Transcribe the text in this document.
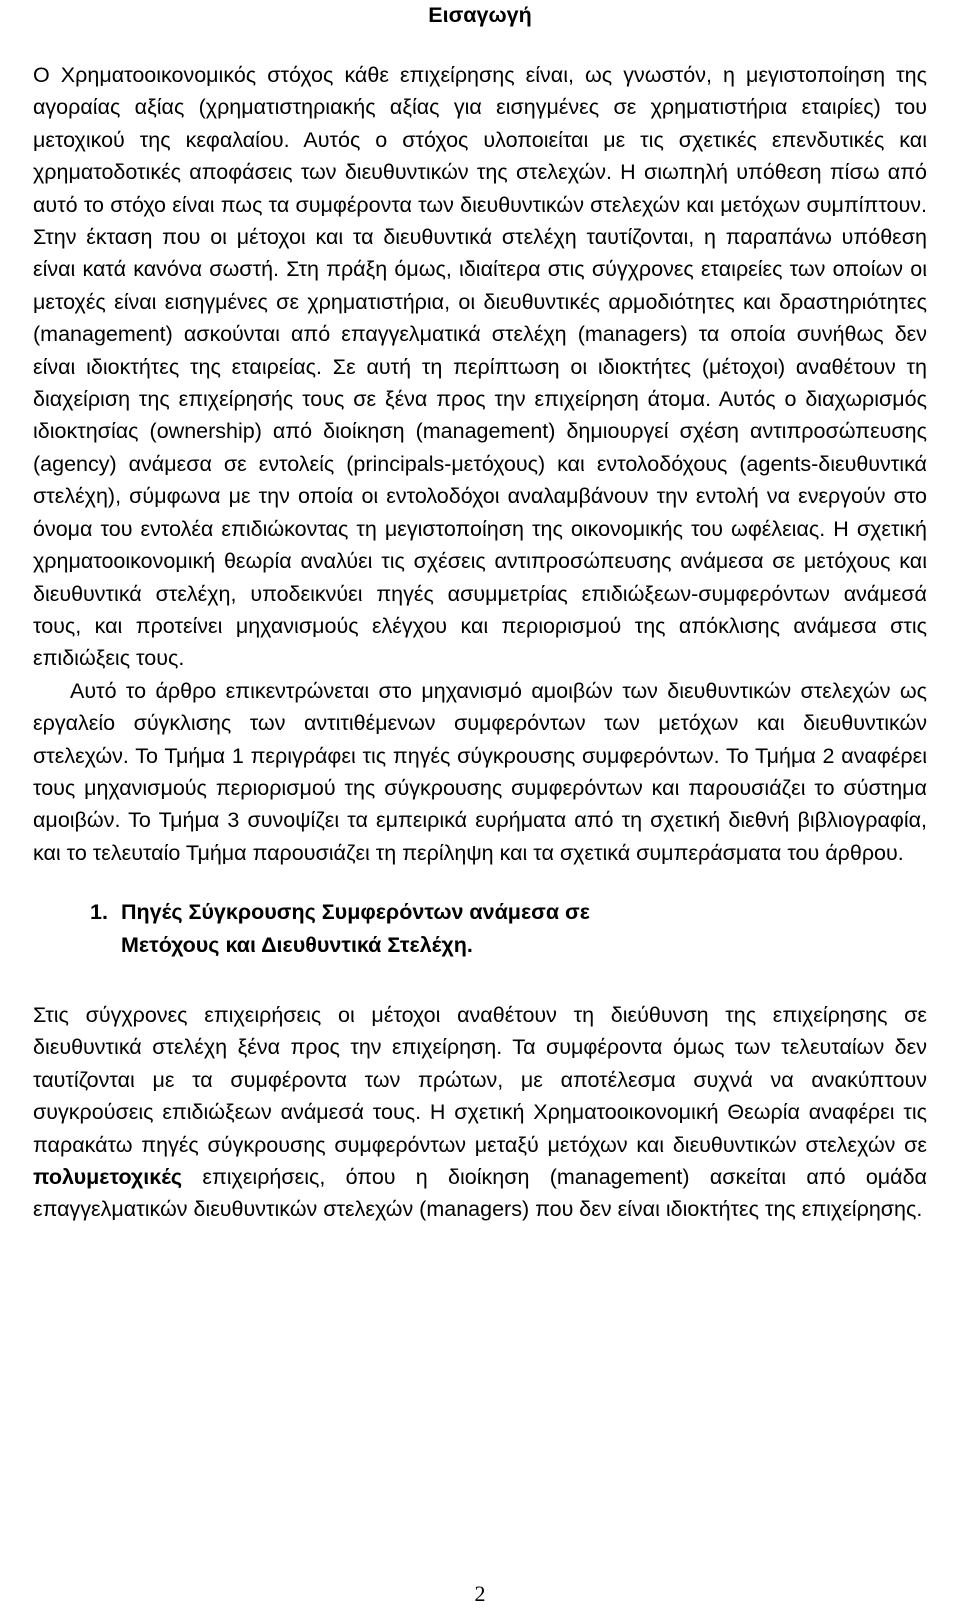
Εισαγωγή

Ο Χρηματοοικονομικός στόχος κάθε επιχείρησης είναι, ως γνωστόν, η μεγιστοποίηση της αγοραίας αξίας (χρηματιστηριακής αξίας για εισηγμένες σε χρηματιστήρια εταιρίες) του μετοχικού της κεφαλαίου. Αυτός ο στόχος υλοποιείται με τις σχετικές επενδυτικές και χρηματοδοτικές αποφάσεις των διευθυντικών της στελεχών. Η σιωπηλή υπόθεση πίσω από αυτό το στόχο είναι πως τα συμφέροντα των διευθυντικών στελεχών και μετόχων συμπίπτουν. Στην έκταση που οι μέτοχοι και τα διευθυντικά στελέχη ταυτίζονται, η παραπάνω υπόθεση είναι κατά κανόνα σωστή. Στη πράξη όμως, ιδιαίτερα στις σύγχρονες εταιρείες των οποίων οι μετοχές είναι εισηγμένες σε χρηματιστήρια, οι διευθυντικές αρμοδιότητες και δραστηριότητες (management) ασκούνται από επαγγελματικά στελέχη (managers) τα οποία συνήθως δεν είναι ιδιοκτήτες της εταιρείας. Σε αυτή τη περίπτωση οι ιδιοκτήτες (μέτοχοι) αναθέτουν τη διαχείριση της επιχείρησής τους σε ξένα προς την επιχείρηση άτομα. Αυτός ο διαχωρισμός ιδιοκτησίας (ownership) από διοίκηση (management) δημιουργεί σχέση αντιπροσώπευσης (agency) ανάμεσα σε εντολείς (principals-μετόχους) και εντολοδόχους (agents-διευθυντικά στελέχη), σύμφωνα με την οποία οι εντολοδόχοι αναλαμβάνουν την εντολή να ενεργούν στο όνομα του εντολέα επιδιώκοντας τη μεγιστοποίηση της οικονομικής του ωφέλειας. Η σχετική χρηματοοικονομική θεωρία αναλύει τις σχέσεις αντιπροσώπευσης ανάμεσα σε μετόχους και διευθυντικά στελέχη, υποδεικνύει πηγές ασυμμετρίας επιδιώξεων-συμφερόντων ανάμεσά τους, και προτείνει μηχανισμούς ελέγχου και περιορισμού της απόκλισης ανάμεσα στις επιδιώξεις τους.

Αυτό το άρθρο επικεντρώνεται στο μηχανισμό αμοιβών των διευθυντικών στελεχών ως εργαλείο σύγκλισης των αντιτιθέμενων συμφερόντων των μετόχων και διευθυντικών στελεχών. Το Τμήμα 1 περιγράφει τις πηγές σύγκρουσης συμφερόντων. Το Τμήμα 2 αναφέρει τους μηχανισμούς περιορισμού της σύγκρουσης συμφερόντων και παρουσιάζει το σύστημα αμοιβών. Το Τμήμα 3 συνοψίζει τα εμπειρικά ευρήματα από τη σχετική διεθνή βιβλιογραφία, και το τελευταίο Τμήμα παρουσιάζει τη περίληψη και τα σχετικά συμπεράσματα του άρθρου.

1. Πηγές Σύγκρουσης Συμφερόντων ανάμεσα σε
Μετόχους και Διευθυντικά Στελέχη.

Στις σύγχρονες επιχειρήσεις οι μέτοχοι αναθέτουν τη διεύθυνση της επιχείρησης σε διευθυντικά στελέχη ξένα προς την επιχείρηση. Τα συμφέροντα όμως των τελευταίων δεν ταυτίζονται με τα συμφέροντα των πρώτων, με αποτέλεσμα συχνά να ανακύπτουν συγκρούσεις επιδιώξεων ανάμεσά τους. Η σχετική Χρηματοοικονομική Θεωρία αναφέρει τις παρακάτω πηγές σύγκρουσης συμφερόντων μεταξύ μετόχων και διευθυντικών στελεχών σε πολυμετοχικές επιχειρήσεις, όπου η διοίκηση (management) ασκείται από ομάδα επαγγελματικών διευθυντικών στελεχών (managers) που δεν είναι ιδιοκτήτες της επιχείρησης.

2
